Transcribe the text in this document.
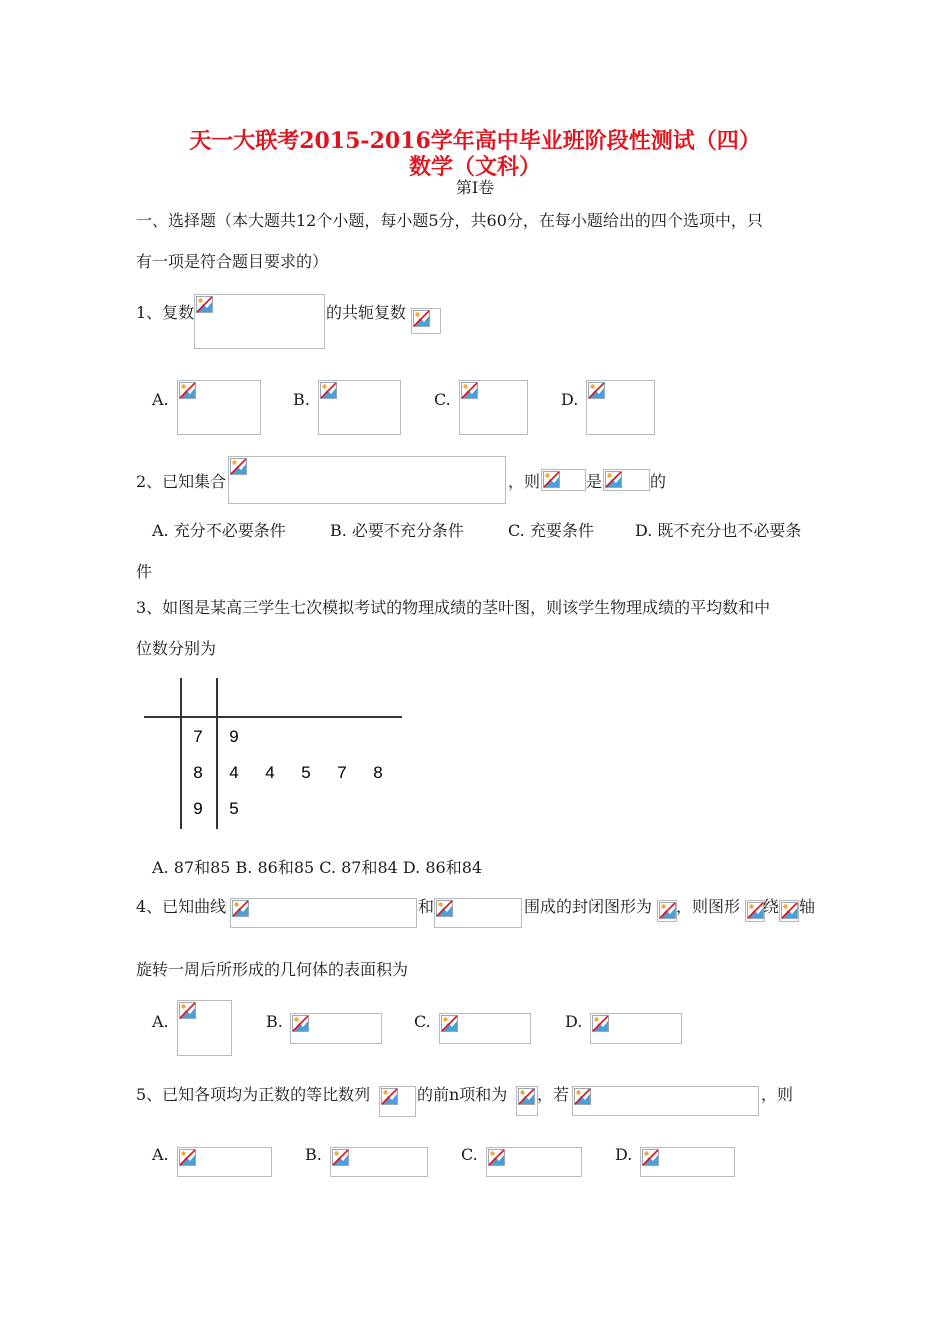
天一大联考2015-2016学年高中毕业班阶段性测试（四）
数学（文科）
第Ⅰ卷
一、选择题（本大题共12个小题，每小题5分，共60分，在每小题给出的四个选项中，只
有一项是符合题目要求的）
1、复数	的共轭复数
A.	B.	C.	D.
2、已知集合	，则	是	的
A. 充分不必要条件	B. 必要不充分条件	C. 充要条件	D. 既不充分也不必要条
件
3、如图是某高三学生七次模拟考试的物理成绩的茎叶图，则该学生物理成绩的平均数和中
位数分别为
7 9
8 4 4 5 7 8
9 5
A. 87和85 B. 86和85 C. 87和84 D. 86和84
4、已知曲线	和	围成的封闭图形为 ，则图形 绕 轴
旋转一周后所形成的几何体的表面积为
A.	B.	C.	D.
5、已知各项均为正数的等比数列	的前n项和为 ，若	，则
A.	B.	C.	D.
